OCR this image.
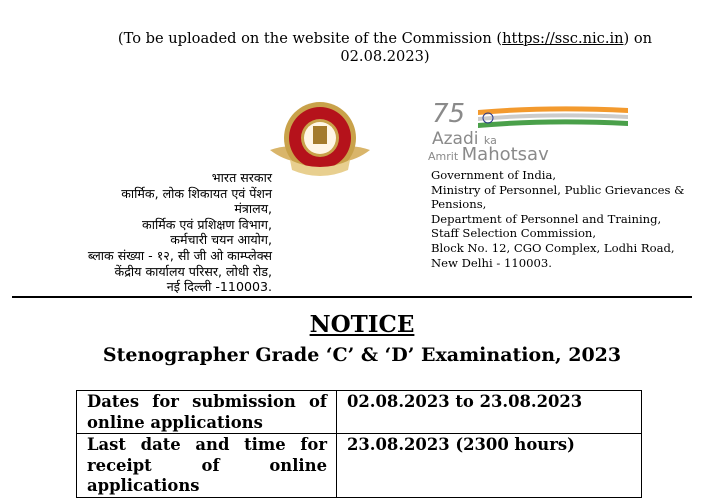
(To be uploaded on the website of the Commission (https://ssc.nic.in) on
02.08.2023)
75
Azadi ka
Amrit Mahotsav
भारत सरकार
कार्मिक, लोक शिकायत एवं पेंशन
मंत्रालय,
कार्मिक एवं प्रशिक्षण विभाग,
कर्मचारी चयन आयोग,
ब्लाक संख्या - १२, सी जी ओ काम्प्लेक्स
केंद्रीय कार्यालय परिसर, लोधी रोड,
नई दिल्ली -110003.
Government of India,
Ministry of Personnel, Public Grievances &
Pensions,
Department of Personnel and Training,
Staff Selection Commission,
Block No. 12, CGO Complex, Lodhi Road,
New Delhi - 110003.
NOTICE
Stenographer Grade ‘C’ & ‘D’ Examination, 2023
Dates for submission of online applications	02.08.2023 to 23.08.2023
Last date and time for receipt of online applications	23.08.2023 (2300 hours)
